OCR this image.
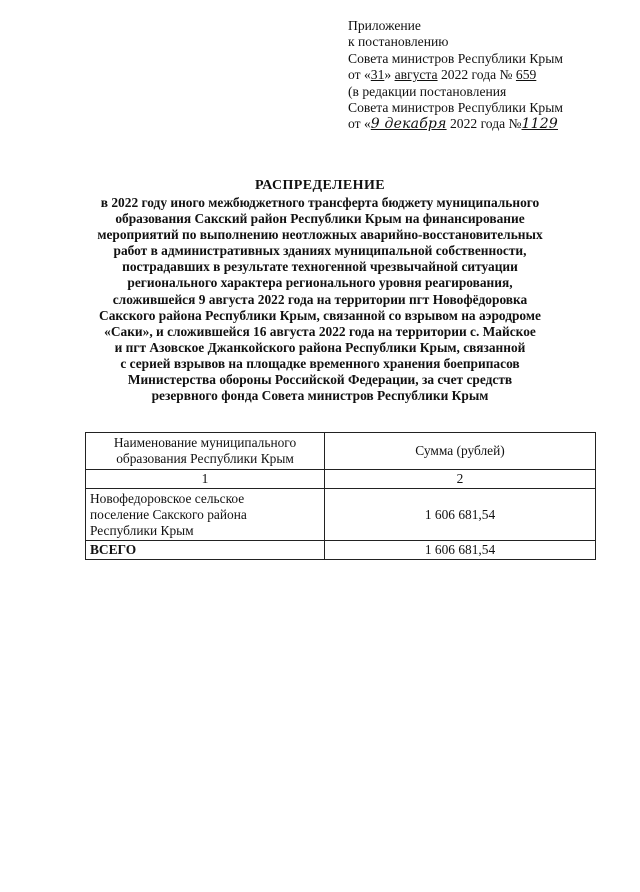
Приложение
к постановлению
Совета министров Республики Крым
от «31» августа 2022 года № 659
(в редакции постановления
Совета министров Республики Крым
от «9 декабря 2022 года №1129
РАСПРЕДЕЛЕНИЕ
в 2022 году иного межбюджетного трансферта бюджету муниципального
образования Сакский район Республики Крым на финансирование
мероприятий по выполнению неотложных аварийно-восстановительных
работ в административных зданиях муниципальной собственности,
пострадавших в результате техногенной чрезвычайной ситуации
регионального характера регионального уровня реагирования,
сложившейся 9 августа 2022 года на территории пгт Новофёдоровка
Сакского района Республики Крым, связанной со взрывом на аэродроме
«Саки», и сложившейся 16 августа 2022 года на территории с. Майское
и пгт Азовское Джанкойского района Республики Крым, связанной
с серией взрывов на площадке временного хранения боеприпасов
Министерства обороны Российской Федерации, за счет средств
резервного фонда Совета министров Республики Крым
Наименование муниципального
образования Республики Крым	Сумма (рублей)
1	2

Новофедоровское сельское
поселение Сакского района
Республики Крым	1 606 681,54
ВСЕГО	1 606 681,54
